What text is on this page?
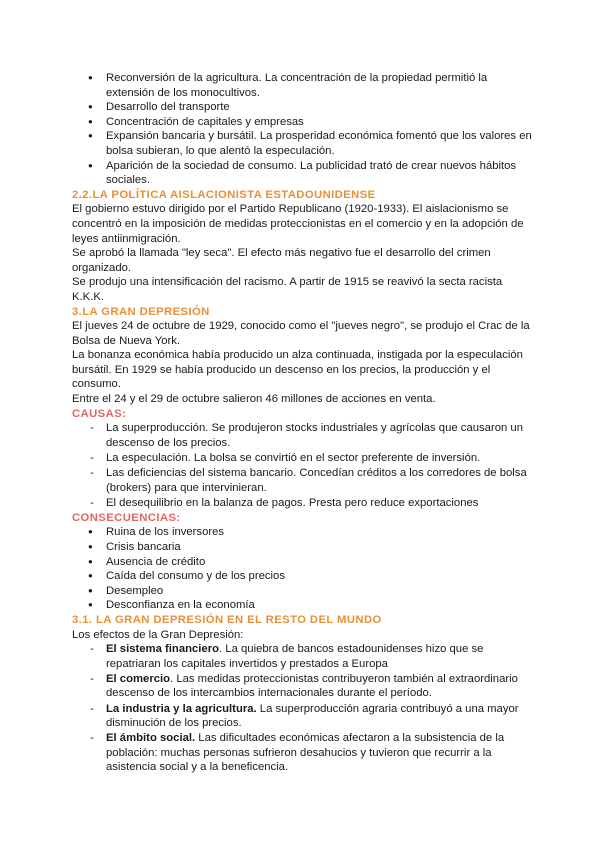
● Reconversión de la agricultura. La concentración de la propiedad permitió la extensión de los monocultivos.
● Desarrollo del transporte
● Concentración de capitales y empresas
● Expansión bancaria y bursátil. La prosperidad económica fomentó que los valores en bolsa subieran, lo que alentó la especulación.
● Aparición de la sociedad de consumo. La publicidad trató de crear nuevos hábitos sociales.
2.2.LA POLÍTICA AISLACIONISTA ESTADOUNIDENSE

El gobierno estuvo dirigido por el Partido Republicano (1920-1933). El aislacionismo se concentró en la imposición de medidas proteccionistas en el comercio y en la adopción de leyes antiinmigración.

Se aprobó la llamada "ley seca". El efecto más negativo fue el desarrollo del crimen organizado.

Se produjo una intensificación del racismo. A partir de 1915 se reavivó la secta racista K.K.K.

3.LA GRAN DEPRESIÓN

El jueves 24 de octubre de 1929, conocido como el "jueves negro", se produjo el Crac de la Bolsa de Nueva York.

La bonanza económica había producido un alza continuada, instigada por la especulación bursátil. En 1929 se había producido un descenso en los precios, la producción y el consumo.

Entre el 24 y el 29 de octubre salieron 46 millones de acciones en venta.

CAUSAS:
- La superproducción. Se produjeron stocks industriales y agrícolas que causaron un descenso de los precios.
- La especulación. La bolsa se convirtió en el sector preferente de inversión.
- Las deficiencias del sistema bancario. Concedían créditos a los corredores de bolsa (brokers) para que intervinieran.
- El desequilibrio en la balanza de pagos. Presta pero reduce exportaciones
CONSECUENCIAS:
● Ruina de los inversores
● Crisis bancaria
● Ausencia de crédito
● Caída del consumo y de los precios
● Desempleo
● Desconfianza en la economía
3.1. LA GRAN DEPRESIÓN EN EL RESTO DEL MUNDO

Los efectos de la Gran Depresión:

- El sistema financiero. La quiebra de bancos estadounidenses hizo que se repatriaran los capitales invertidos y prestados a Europa
- El comercio. Las medidas proteccionistas contribuyeron también al extraordinario descenso de los intercambios internacionales durante el período.
- La industria y la agricultura. La superproducción agraria contribuyó a una mayor disminución de los precios.
- El ámbito social. Las dificultades económicas afectaron a la subsistencia de la población: muchas personas sufrieron desahucios y tuvieron que recurrir a la asistencia social y a la beneficencia.
